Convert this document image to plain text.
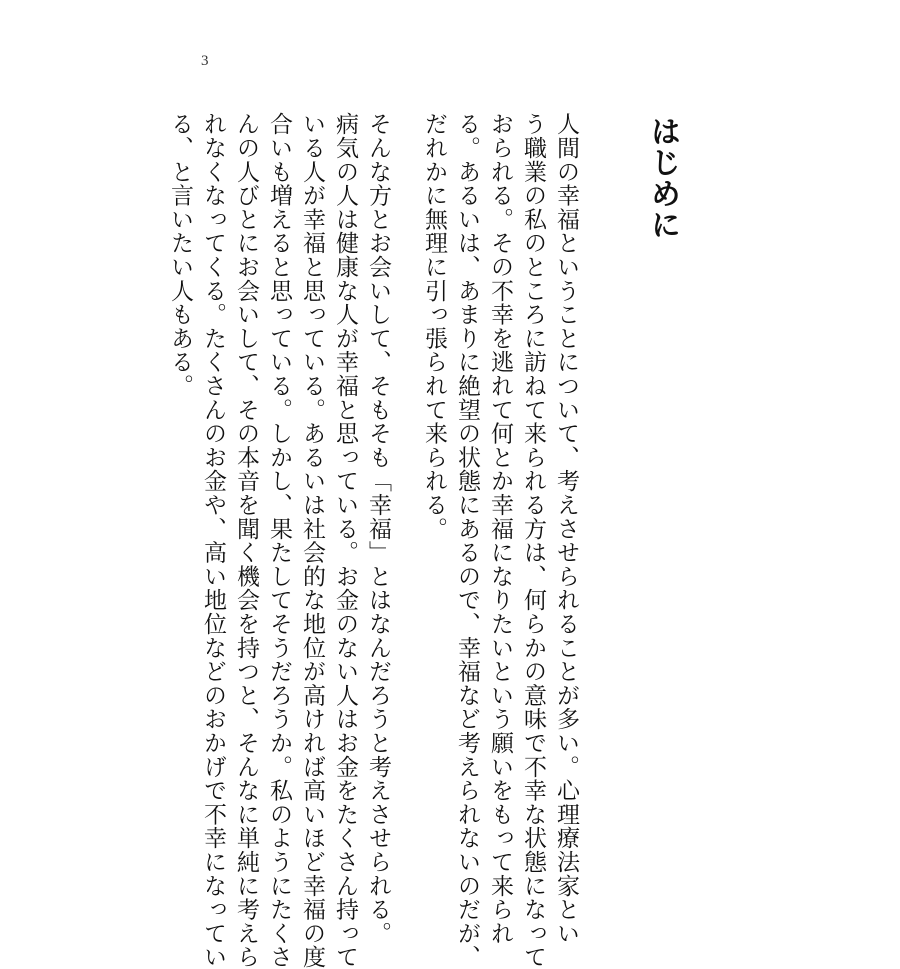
3
はじめに
人間の幸福ということについて、考えさせられることが多い。心理療法家とい
う職業の私のところに訪ねて来られる方は、何らかの意味で不幸な状態になって
おられる。その不幸を逃れて何とか幸福になりたいという願いをもって来られ
る。あるいは、あまりに絶望の状態にあるので、幸福など考えられないのだが、
だれかに無理に引っ張られて来られる。
そんな方とお会いして、そもそも「幸福」とはなんだろうと考えさせられる。
病気の人は健康な人が幸福と思っている。お金のない人はお金をたくさん持って
いる人が幸福と思っている。あるいは社会的な地位が高ければ高いほど幸福の度
合いも増えると思っている。しかし、果たしてそうだろうか。私のようにたくさ
んの人びとにお会いして、その本音を聞く機会を持つと、そんなに単純に考えら
れなくなってくる。たくさんのお金や、高い地位などのおかげで不幸になってい
る、と言いたい人もある。
